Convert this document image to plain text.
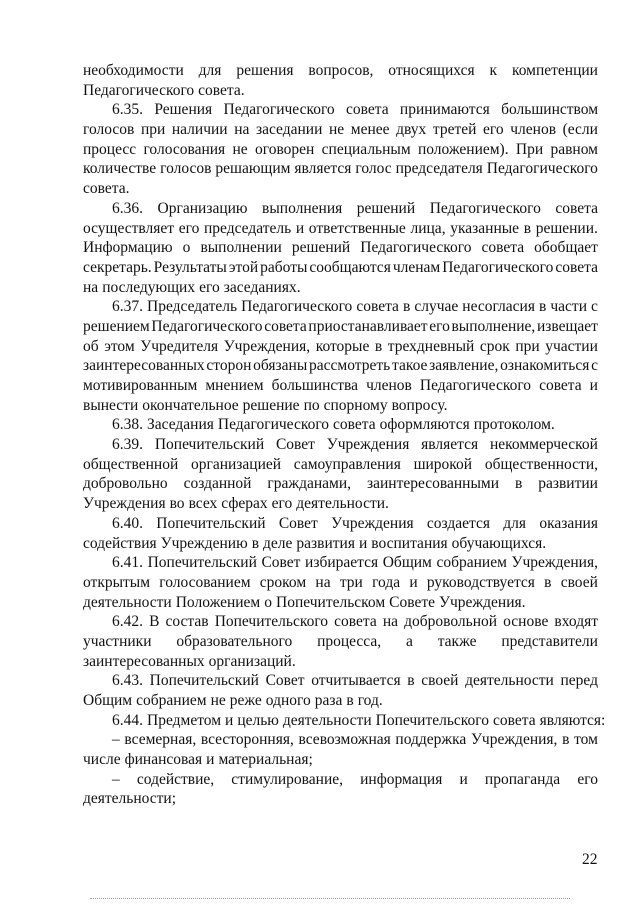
необходимости для решения вопросов, относящихся к компетенции
Педагогического совета.
6.35. Решения Педагогического совета принимаются большинством
голосов при наличии на заседании не менее двух третей его членов (если
процесс голосования не оговорен специальным положением). При равном
количестве голосов решающим является голос председателя Педагогического
совета.
6.36. Организацию выполнения решений Педагогического совета
осуществляет его председатель и ответственные лица, указанные в решении.
Информацию о выполнении решений Педагогического совета обобщает
секретарь. Результаты этой работы сообщаются членам Педагогического совета
на последующих его заседаниях.
6.37. Председатель Педагогического совета в случае несогласия в части с
решением Педагогического совета приостанавливает его выполнение, извещает
об этом Учредителя Учреждения, которые в трехдневный срок при участии
заинтересованных сторон обязаны рассмотреть такое заявление, ознакомиться с
мотивированным мнением большинства членов Педагогического совета и
вынести окончательное решение по спорному вопросу.
6.38. Заседания Педагогического совета оформляются протоколом.
6.39. Попечительский Совет Учреждения является некоммерческой
общественной организацией самоуправления широкой общественности,
добровольно созданной гражданами, заинтересованными в развитии
Учреждения во всех сферах его деятельности.
6.40. Попечительский Совет Учреждения создается для оказания
содействия Учреждению в деле развития и воспитания обучающихся.
6.41. Попечительский Совет избирается Общим собранием Учреждения,
открытым голосованием сроком на три года и руководствуется в своей
деятельности Положением о Попечительском Совете Учреждения.
6.42. В состав Попечительского совета на добровольной основе входят
участники образовательного процесса, а также представители
заинтересованных организаций.
6.43. Попечительский Совет отчитывается в своей деятельности перед
Общим собранием не реже одного раза в год.
6.44. Предметом и целью деятельности Попечительского совета являются:
– всемерная, всесторонняя, всевозможная поддержка Учреждения, в том
числе финансовая и материальная;
– содействие, стимулирование, информация и пропаганда его
деятельности;
22
